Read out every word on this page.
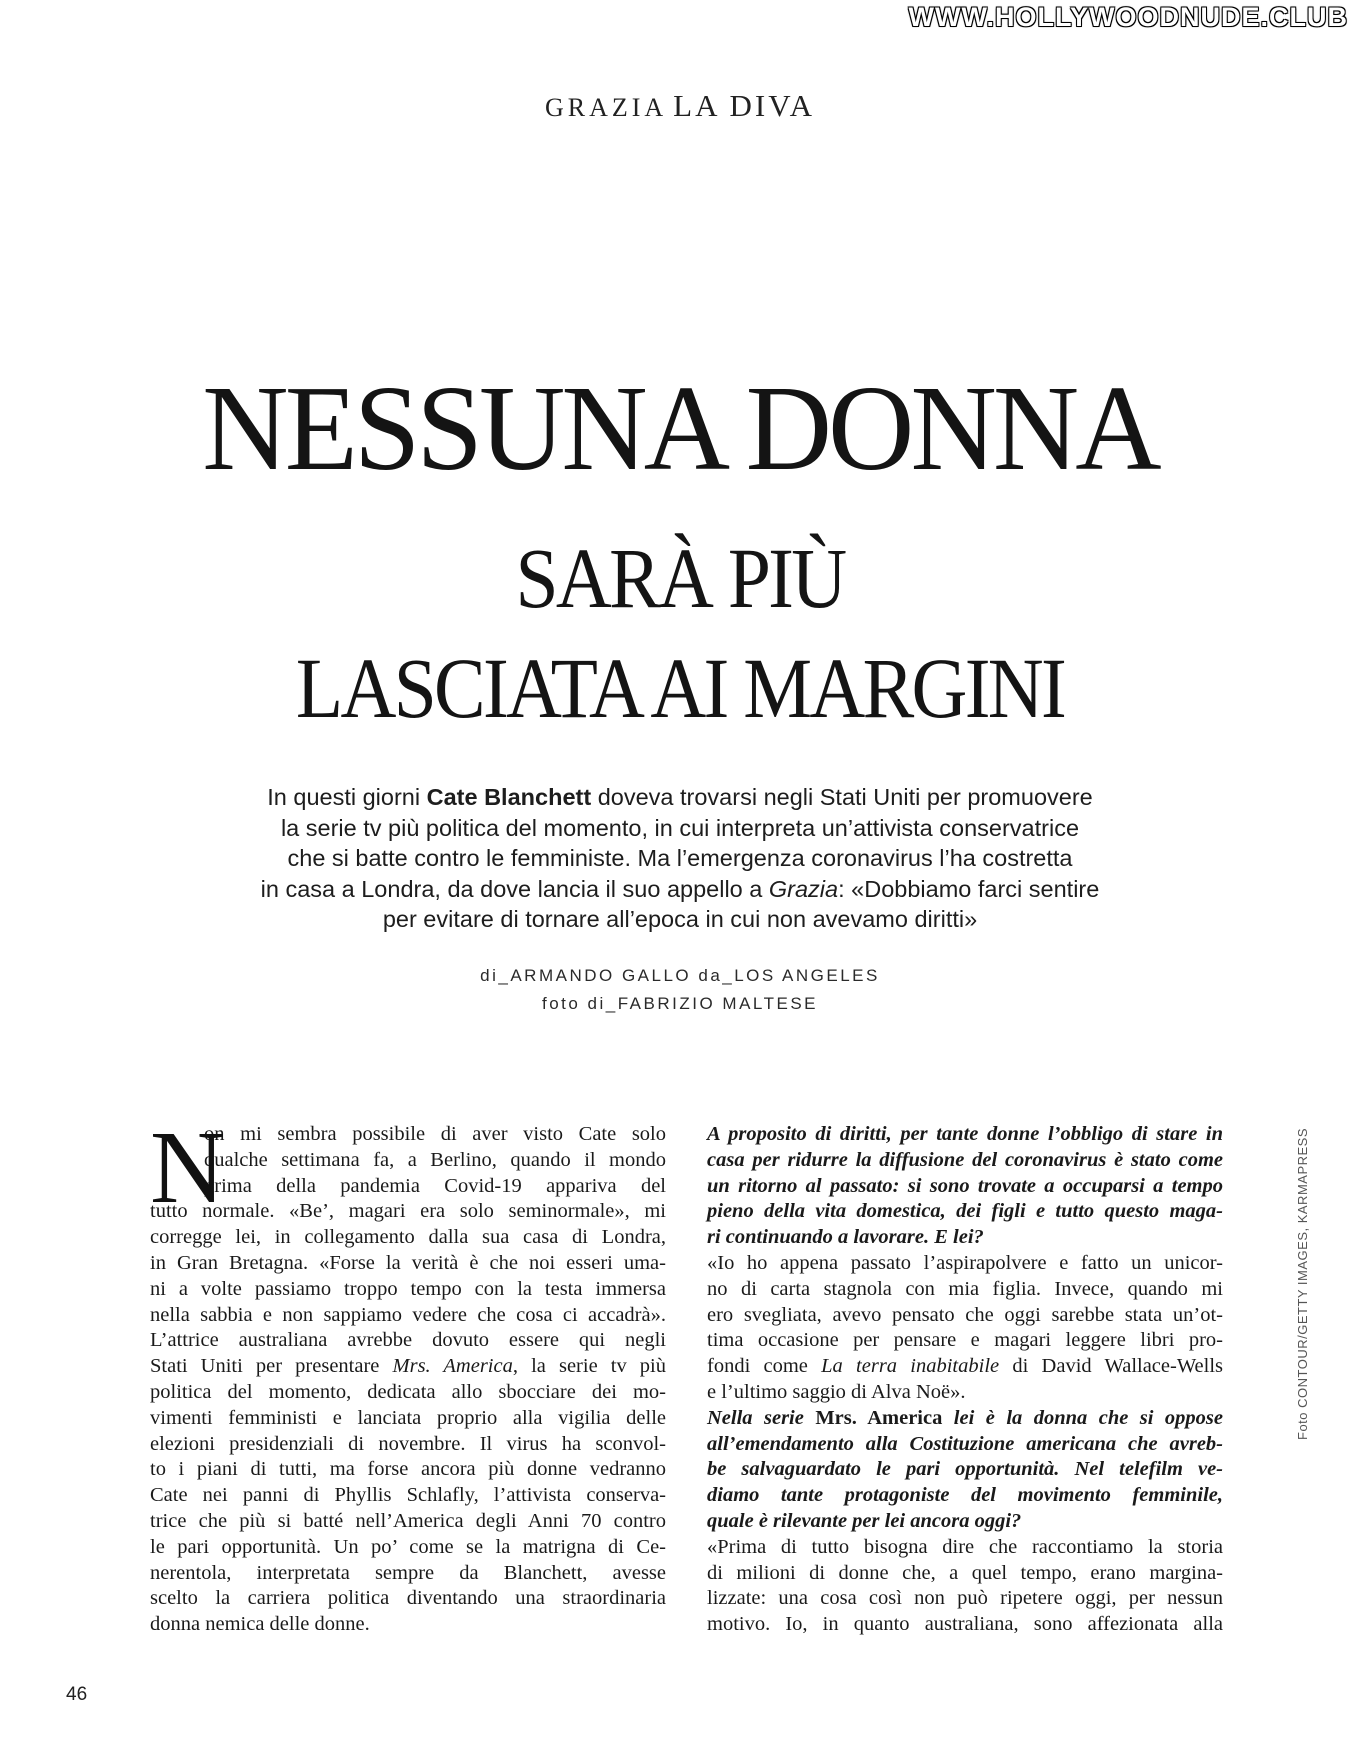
WWW.HOLLYWOODNUDE.CLUB
GRAZIA LA DIVA
NESSUNA DONNA
SARÀ PIÙ
LASCIATA AI MARGINI
In questi giorni Cate Blanchett doveva trovarsi negli Stati Uniti per promuovere
la serie tv più politica del momento, in cui interpreta un’attivista conservatrice
che si batte contro le femministe. Ma l’emergenza coronavirus l’ha costretta
in casa a Londra, da dove lancia il suo appello a Grazia: «Dobbiamo farci sentire
per evitare di tornare all’epoca in cui non avevamo diritti»
di_ARMANDO GALLO da_LOS ANGELES
foto di_FABRIZIO MALTESE
N
on mi sembra possibile di aver visto Cate solo
qualche settimana fa, a Berlino, quando il mondo
prima della pandemia Covid-19 appariva del
tutto normale. «Be’, magari era solo seminormale», mi
corregge lei, in collegamento dalla sua casa di Londra,
in Gran Bretagna. «Forse la verità è che noi esseri uma-
ni a volte passiamo troppo tempo con la testa immersa
nella sabbia e non sappiamo vedere che cosa ci accadrà».
L’attrice australiana avrebbe dovuto essere qui negli
Stati Uniti per presentare Mrs. America, la serie tv più
politica del momento, dedicata allo sbocciare dei mo-
vimenti femministi e lanciata proprio alla vigilia delle
elezioni presidenziali di novembre. Il virus ha sconvol-
to i piani di tutti, ma forse ancora più donne vedranno
Cate nei panni di Phyllis Schlafly, l’attivista conserva-
trice che più si batté nell’America degli Anni 70 contro
le pari opportunità. Un po’ come se la matrigna di Ce-
nerentola, interpretata sempre da Blanchett, avesse
scelto la carriera politica diventando una straordinaria
donna nemica delle donne.
A proposito di diritti, per tante donne l’obbligo di stare in
casa per ridurre la diffusione del coronavirus è stato come
un ritorno al passato: si sono trovate a occuparsi a tempo
pieno della vita domestica, dei figli e tutto questo maga-
ri continuando a lavorare. E lei?
«Io ho appena passato l’aspirapolvere e fatto un unicor-
no di carta stagnola con mia figlia. Invece, quando mi
ero svegliata, avevo pensato che oggi sarebbe stata un’ot-
tima occasione per pensare e magari leggere libri pro-
fondi come La terra inabitabile di David Wallace-Wells
e l’ultimo saggio di Alva Noë».
Nella serie Mrs. America lei è la donna che si oppose
all’emendamento alla Costituzione americana che avreb-
be salvaguardato le pari opportunità. Nel telefilm ve-
diamo tante protagoniste del movimento femminile,
quale è rilevante per lei ancora oggi?
«Prima di tutto bisogna dire che raccontiamo la storia
di milioni di donne che, a quel tempo, erano margina-
lizzate: una cosa così non può ripetere oggi, per nessun
motivo. Io, in quanto australiana, sono affezionata alla
Foto CONTOUR/GETTY IMAGES, KARMAPRESS
46
